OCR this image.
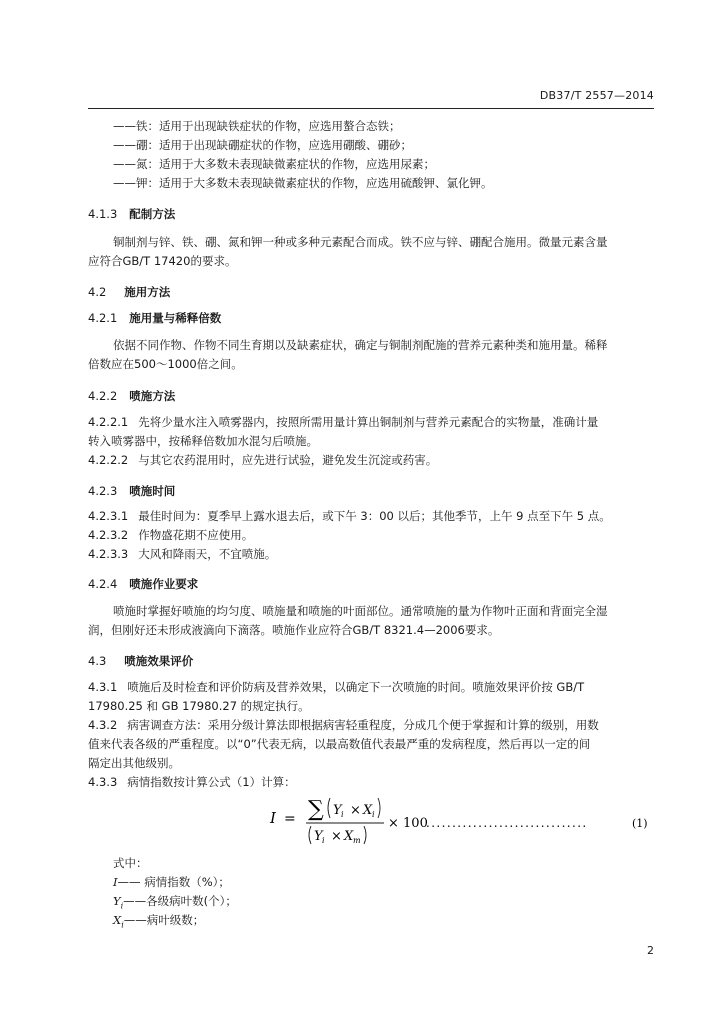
DB37/T 2557—2014
——铁：适用于出现缺铁症状的作物，应选用螯合态铁；
——硼：适用于出现缺硼症状的作物，应选用硼酸、硼砂；
——氮：适用于大多数未表现缺微素症状的作物，应选用尿素；
——钾：适用于大多数未表现缺微素症状的作物，应选用硫酸钾、氯化钾。
4.1.3 配制方法
铜制剂与锌、铁、硼、氮和钾一种或多种元素配合而成。铁不应与锌、硼配合施用。微量元素含量
应符合GB/T 17420的要求。
4.2 施用方法
4.2.1 施用量与稀释倍数
依据不同作物、作物不同生育期以及缺素症状，确定与铜制剂配施的营养元素种类和施用量。稀释
倍数应在500～1000倍之间。
4.2.2 喷施方法
4.2.2.1 先将少量水注入喷雾器内，按照所需用量计算出铜制剂与营养元素配合的实物量，准确计量
转入喷雾器中，按稀释倍数加水混匀后喷施。
4.2.2.2 与其它农药混用时，应先进行试验，避免发生沉淀或药害。
4.2.3 喷施时间
4.2.3.1 最佳时间为：夏季早上露水退去后，或下午 3：00 以后；其他季节，上午 9 点至下午 5 点。
4.2.3.2 作物盛花期不应使用。
4.2.3.3 大风和降雨天，不宜喷施。
4.2.4 喷施作业要求
喷施时掌握好喷施的均匀度、喷施量和喷施的叶面部位。通常喷施的量为作物叶正面和背面完全湿
润，但刚好还未形成液滴向下滴落。喷施作业应符合GB/T 8321.4—2006要求。
4.3 喷施效果评价
4.3.1 喷施后及时检查和评价防病及营养效果，以确定下一次喷施的时间。喷施效果评价按 GB/T
17980.25 和 GB 17980.27 的规定执行。
4.3.2 病害调查方法：采用分级计算法即根据病害轻重程度，分成几个便于掌握和计算的级别，用数
值来代表各级的严重程度。以“0”代表无病，以最高数值代表最严重的发病程度，然后再以一定的间
隔定出其他级别。
4.3.3 病情指数按计算公式（1）计算：
I = ∑ Y i × X i
Y i × X m
× 100
...............................	(1)
式中：
I—— 病情指数（%）；
$Y_i——$各级病叶数(个）；
$X_i——$病叶级数；
2
